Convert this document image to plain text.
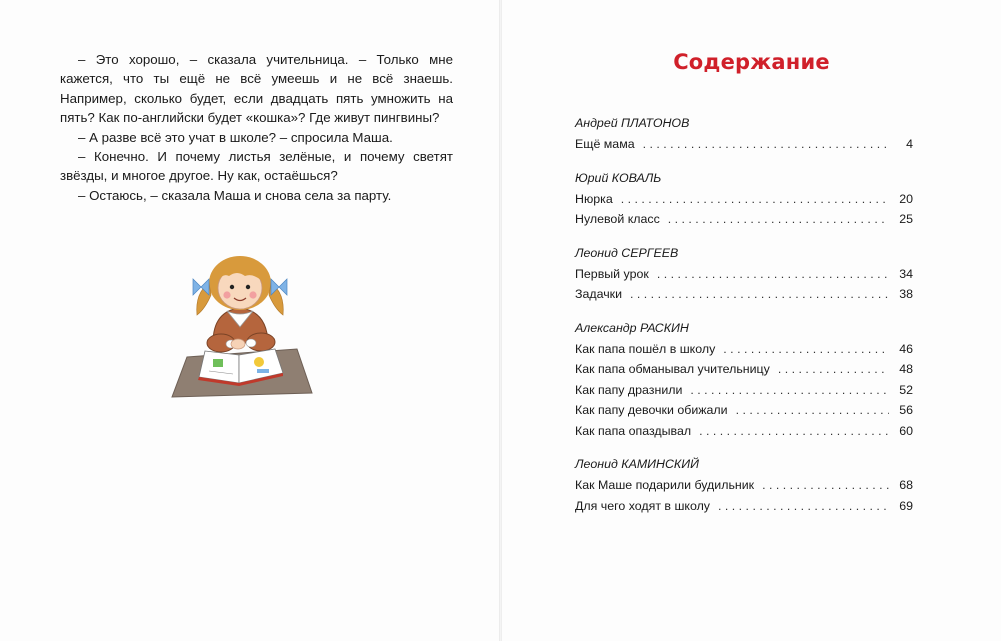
– Это хорошо, – сказала учительница. – Только мне кажется, что ты ещё не всё умеешь и не всё знаешь. Например, сколько будет, если двадцать пять умножить на пять? Как по-английски будет «кошка»? Где живут пингвины?

– А разве всё это учат в школе? – спросила Маша.

– Конечно. И почему листья зелёные, и почему светят звёзды, и многое другое. Ну как, остаёшься?

– Остаюсь, – сказала Маша и снова села за парту.

Содержание
Андрей ПЛАТОНОВ
Ещё мама . . .	4
Юрий КОВАЛЬ
Нюрка . . .	20
Нулевой класс . . .	25
Леонид СЕРГЕЕВ
Первый урок . . .	34
Задачки . . .	38
Александр РАСКИН
Как папа пошёл в школу . . .	46
Как папа обманывал учительницу . . .	48
Как папу дразнили . . .	52
Как папу девочки обижали . . .	56
Как папа опаздывал . . .	60
Леонид КАМИНСКИЙ
Как Маше подарили будильник . . .	68
Для чего ходят в школу . . .	69
